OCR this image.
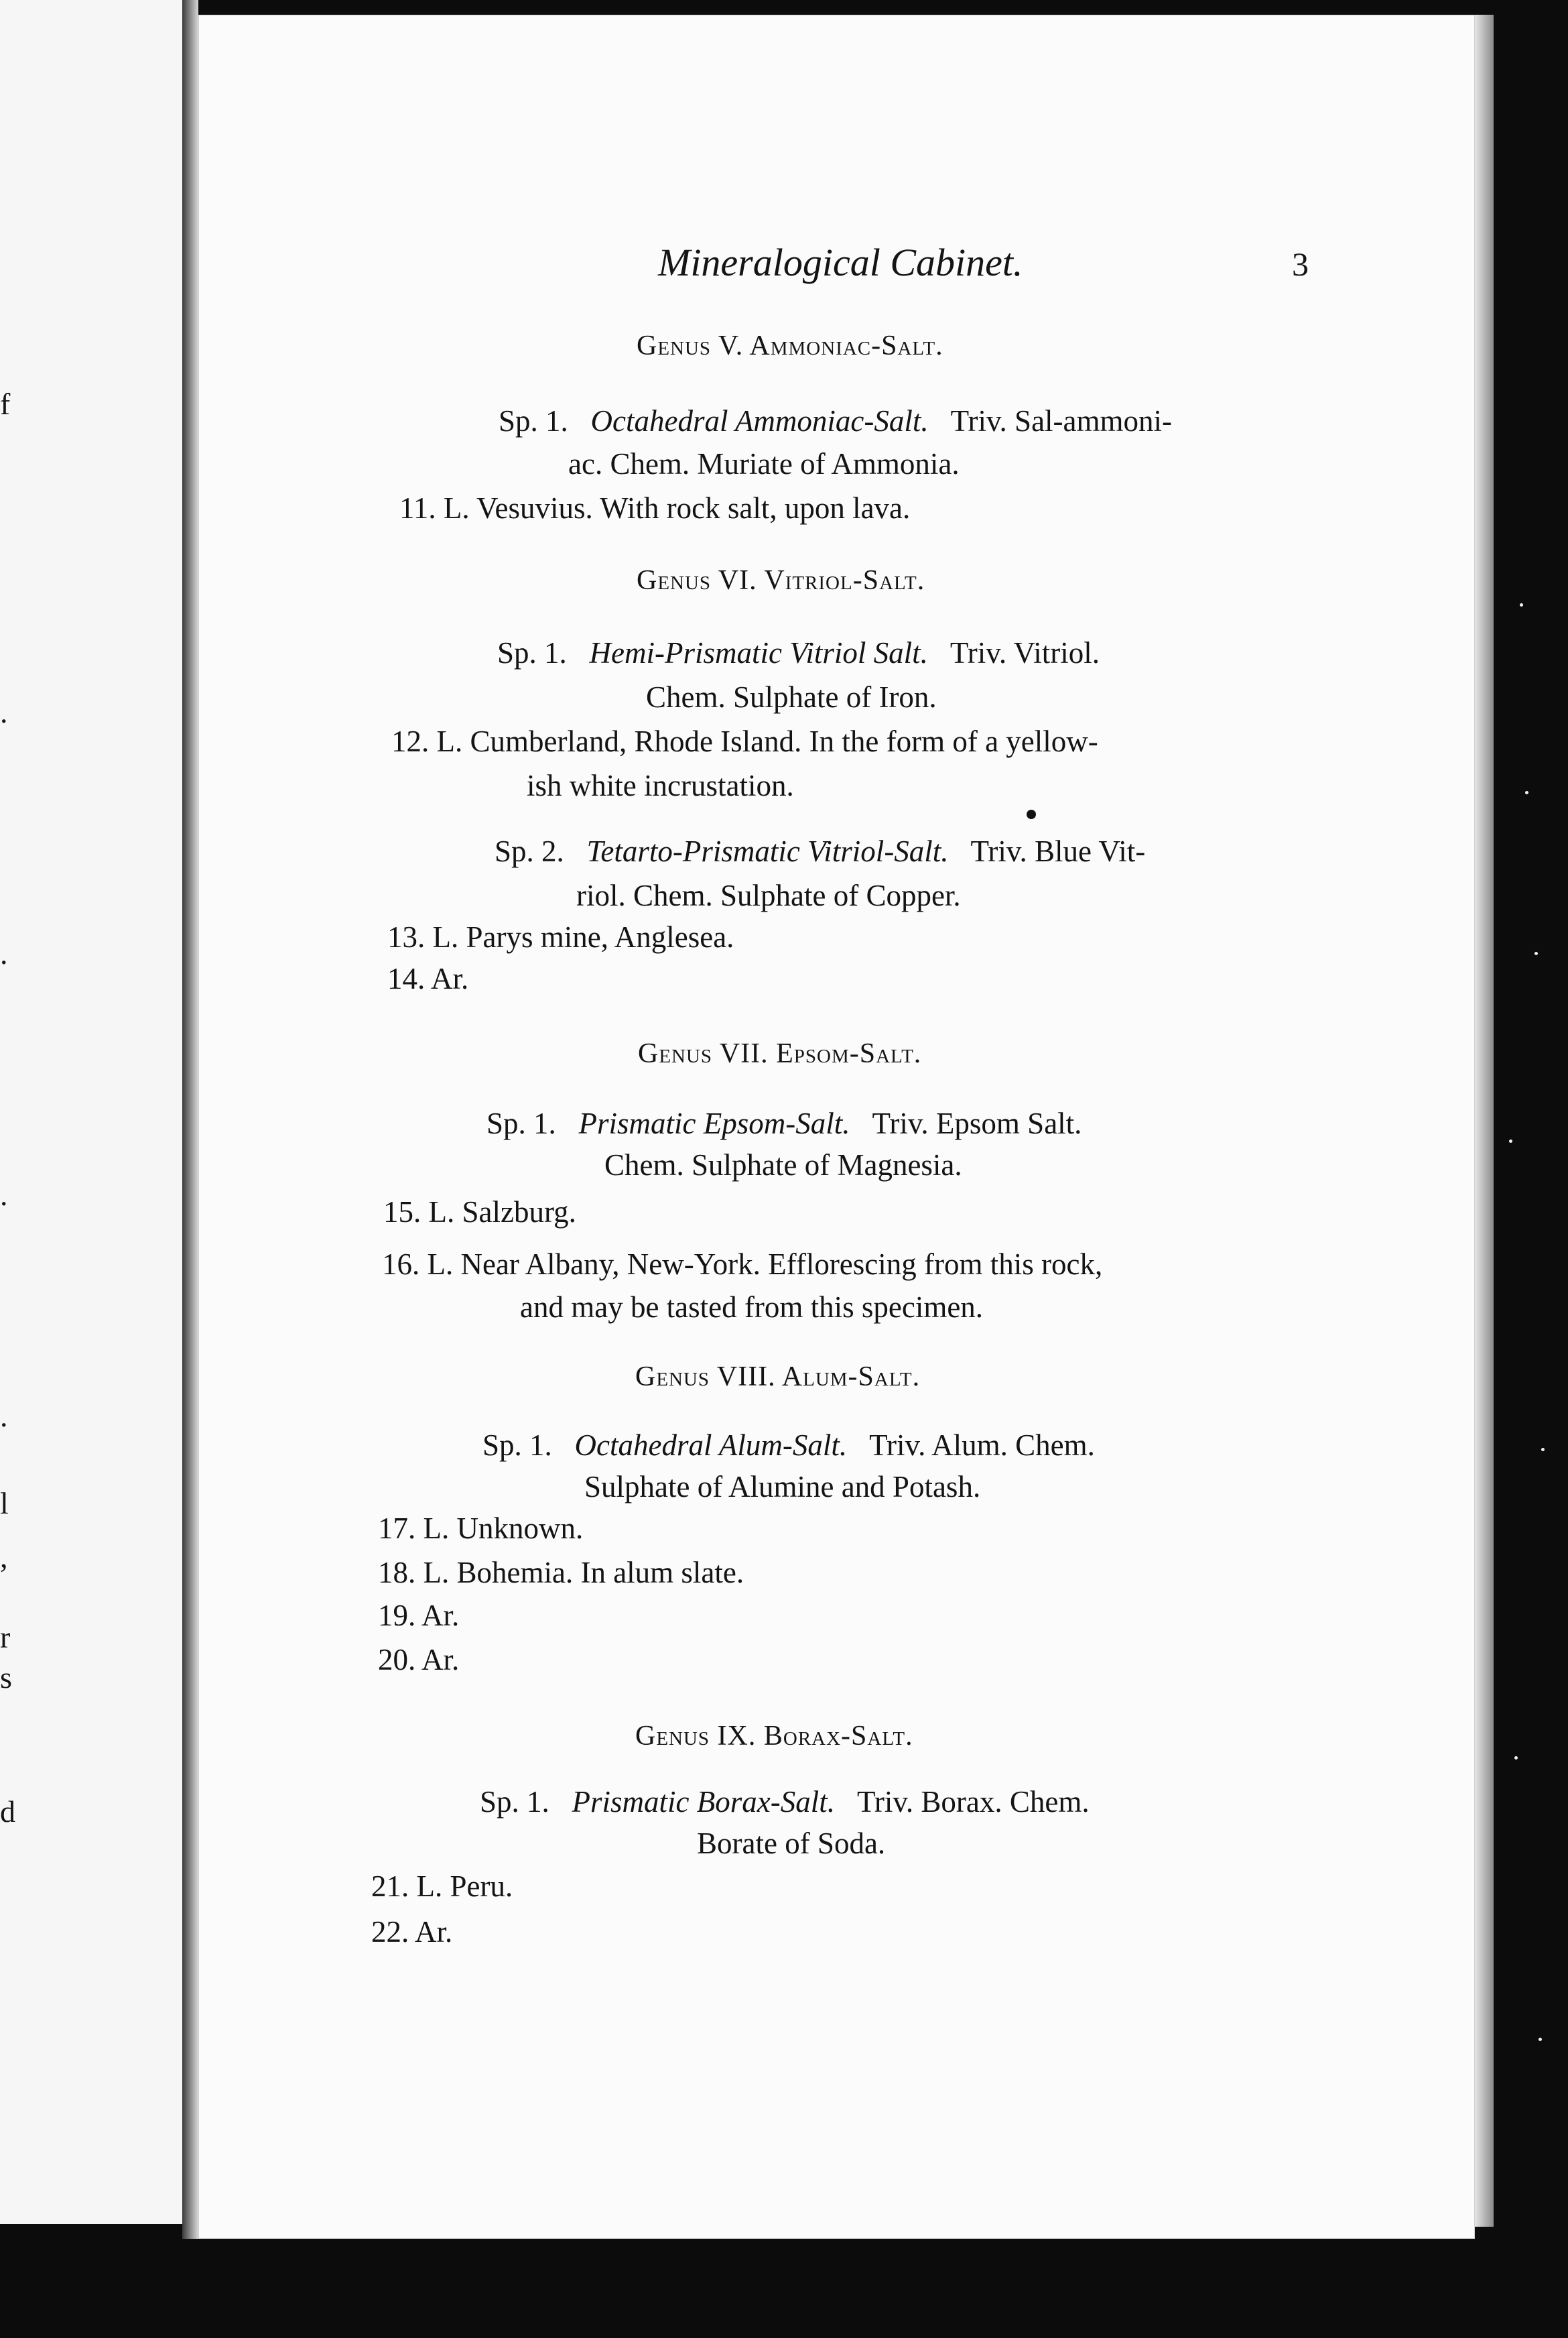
f
.
.
.
.
l
,
r
s
d
Mineralogical Cabinet.	3
Genus V. Ammoniac-Salt.
Sp. 1. Octahedral Ammoniac-Salt. Triv. Sal-ammoni-
ac. Chem. Muriate of Ammonia.
11. L. Vesuvius. With rock salt, upon lava.
Genus VI. Vitriol-Salt.
Sp. 1. Hemi-Prismatic Vitriol Salt. Triv. Vitriol.
Chem. Sulphate of Iron.
12. L. Cumberland, Rhode Island. In the form of a yellow-
ish white incrustation.
Sp. 2. Tetarto-Prismatic Vitriol-Salt. Triv. Blue Vit-
riol. Chem. Sulphate of Copper.
13. L. Parys mine, Anglesea.
14. Ar.
Genus VII. Epsom-Salt.
Sp. 1. Prismatic Epsom-Salt. Triv. Epsom Salt.
Chem. Sulphate of Magnesia.
15. L. Salzburg.
16. L. Near Albany, New-York. Efflorescing from this rock,
and may be tasted from this specimen.
Genus VIII. Alum-Salt.
Sp. 1. Octahedral Alum-Salt. Triv. Alum. Chem.
Sulphate of Alumine and Potash.
17. L. Unknown.
18. L. Bohemia. In alum slate.
19. Ar.
20. Ar.
Genus IX. Borax-Salt.
Sp. 1. Prismatic Borax-Salt. Triv. Borax. Chem.
Borate of Soda.
21. L. Peru.
22. Ar.
